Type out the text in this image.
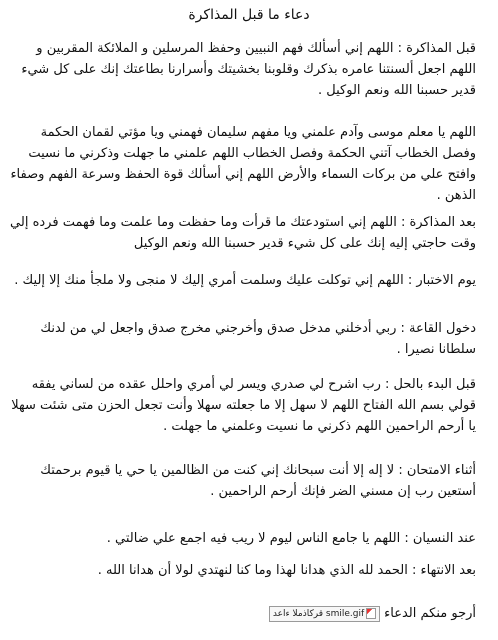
دعاء ما قبل المذاكرة

قبل المذاكرة : اللهم إني أسألك فهم النبيين وحفظ المرسلين و الملائكة المقربين و اللهم اجعل ألسنتنا عامره بذكرك وقلوبنا بخشيتك وأسرارنا بطاعتك إنك على كل شيء قدير حسبنا الله ونعم الوكيل .

اللهم يا معلم موسى وآدم علمني ويا مفهم سليمان فهمني ويا مؤتي لقمان الحكمة وفصل الخطاب آتني الحكمة وفصل الخطاب اللهم علمني ما جهلت وذكرني ما نسيت وافتح علي من بركات السماء والأرض اللهم إني أسألك قوة الحفظ وسرعة الفهم وصفاء الذهن .

بعد المذاكرة : اللهم إني استودعتك ما قرأت وما حفظت وما علمت وما فهمت فرده إلي وقت حاجتي إليه إنك على كل شيء قدير حسبنا الله ونعم الوكيل

يوم الاختبار : اللهم إني توكلت عليك وسلمت أمري إليك لا منجى ولا ملجأ منك إلا إليك .

دخول القاعة : ربي أدخلني مدخل صدق وأخرجني مخرج صدق واجعل لي من لدنك سلطانا نصيرا .

قبل البدء بالحل : رب اشرح لي صدري ويسر لي أمري واحلل عقده من لساني يفقه قولي بسم الله الفتاح اللهم لا سهل إلا ما جعلته سهلا وأنت تجعل الحزن متى شئت سهلا يا أرحم الراحمين اللهم ذكرني ما نسيت وعلمني ما جهلت .

أثناء الامتحان : لا إله إلا أنت سبحانك إني كنت من الظالمين يا حي يا قيوم برحمتك أستعين رب إن مسني الضر فإنك أرحم الراحمين .

عند النسيان : اللهم يا جامع الناس ليوم لا ريب فيه اجمع علي ضالتي .

بعد الانتهاء : الحمد لله الذي هدانا لهذا وما كنا لنهتدي لولا أن هدانا الله .

أرجو منكم الدعاء
smile.gif قركاذملا ءاعد
